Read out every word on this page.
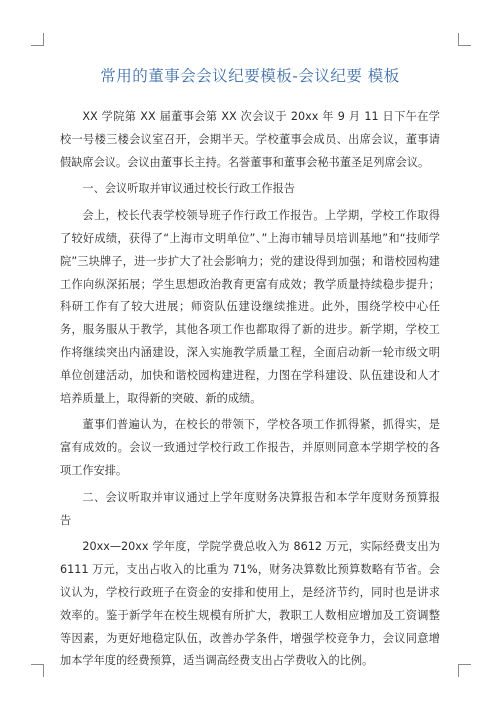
常用的董事会会议纪要模板-会议纪要 模板

XX 学院第 XX 届董事会第 XX 次会议于 20xx 年 9 月 11 日下午在学校一号楼三楼会议室召开，会期半天。学校董事会成员、出席会议，董事请假缺席会议。会议由董事长主持。名誉董事和董事会秘书董圣足列席会议。

一、会议听取并审议通过校长行政工作报告

会上，校长代表学校领导班子作行政工作报告。上学期，学校工作取得了较好成绩，获得了“上海市文明单位”、”上海市辅导员培训基地”和“技师学院”三块牌子，进一步扩大了社会影响力；党的建设得到加强；和谐校园构建工作向纵深拓展；学生思想政治教育更富有成效；教学质量持续稳步提升；科研工作有了较大进展；师资队伍建设继续推进。此外，围绕学校中心任务，服务服从于教学，其他各项工作也都取得了新的进步。新学期，学校工作将继续突出内涵建设，深入实施教学质量工程，全面启动新一轮市级文明单位创建活动，加快和谐校园构建进程，力图在学科建设、队伍建设和人才培养质量上，取得新的突破、新的成绩。

董事们普遍认为，在校长的带领下，学校各项工作抓得紧，抓得实，是富有成效的。会议一致通过学校行政工作报告，并原则同意本学期学校的各项工作安排。

二、会议听取并审议通过上学年度财务决算报告和本学年度财务预算报告

20xx—20xx 学年度，学院学费总收入为 8612 万元，实际经费支出为 6111 万元，支出占收入的比重为 71%，财务决算数比预算数略有节省。会议认为，学校行政班子在资金的安排和使用上，是经济节约，同时也是讲求效率的。鉴于新学年在校生规模有所扩大，教职工人数相应增加及工资调整等因素，为更好地稳定队伍，改善办学条件，增强学校竞争力，会议同意增加本学年度的经费预算，适当调高经费支出占学费收入的比例。
